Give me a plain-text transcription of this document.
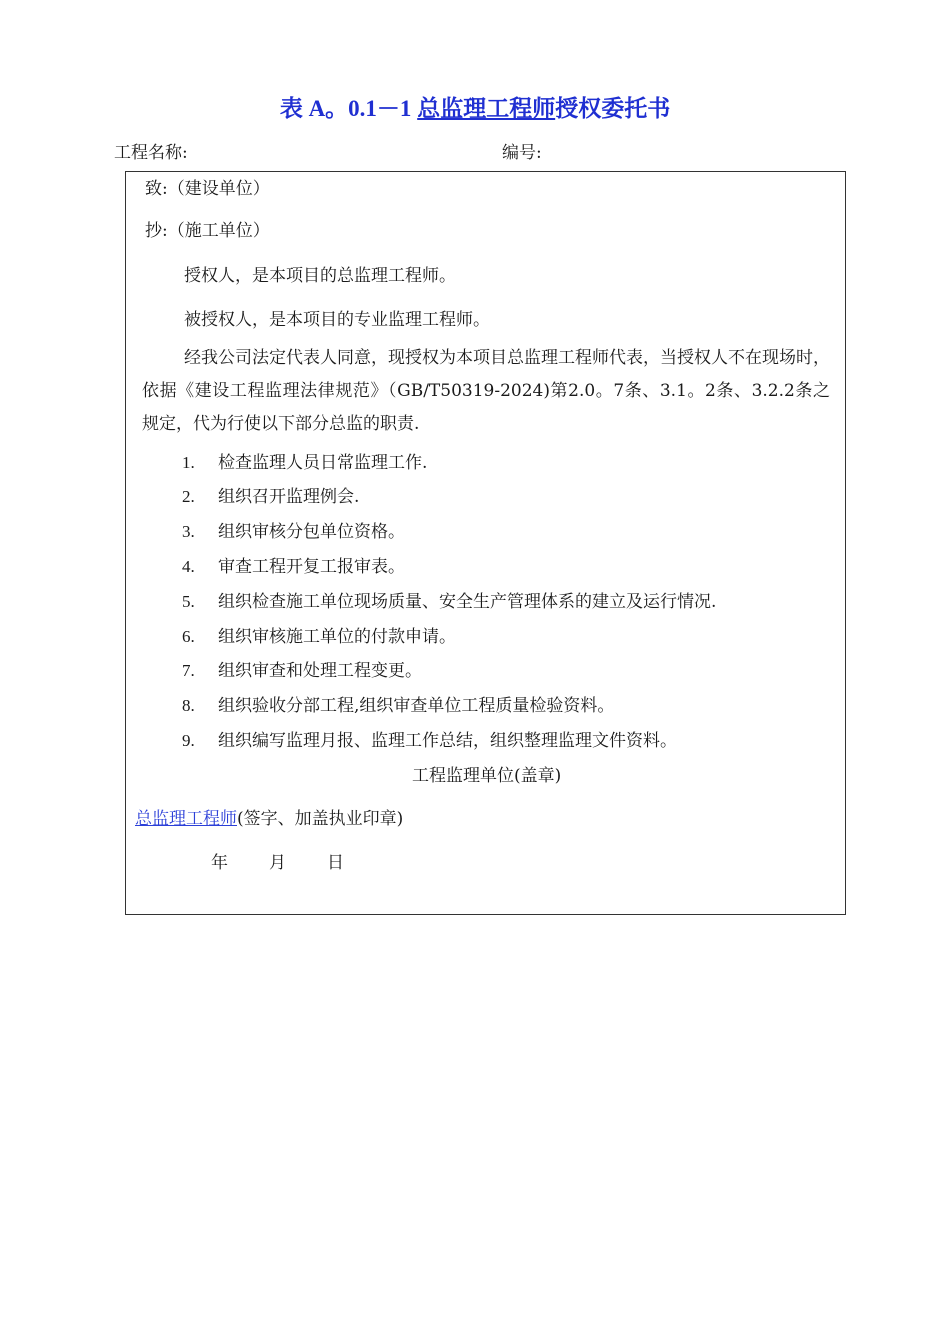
表 A。0.1－1 总监理工程师授权委托书
工程名称:	编号:
致:（建设单位）
抄:（施工单位）
授权人，是本项目的总监理工程师。
被授权人，是本项目的专业监理工程师。
经我公司法定代表人同意，现授权为本项目总监理工程师代表，当授权人不在现场时，依据《建设工程监理法律规范》（GB/T50319-2024)第2.0。7条、3.1。2条、3.2.2条之规定，代为行使以下部分总监的职责.
1. 检查监理人员日常监理工作.
2. 组织召开监理例会.
3. 组织审核分包单位资格。
4. 审查工程开复工报审表。
5. 组织检查施工单位现场质量、安全生产管理体系的建立及运行情况.
6. 组织审核施工单位的付款申请。
7. 组织审查和处理工程变更。
8. 组织验收分部工程,组织审查单位工程质量检验资料。
9. 组织编写监理月报、监理工作总结，组织整理监理文件资料。
工程监理单位(盖章)
总监理工程师(签字、加盖执业印章)
年 月 日
